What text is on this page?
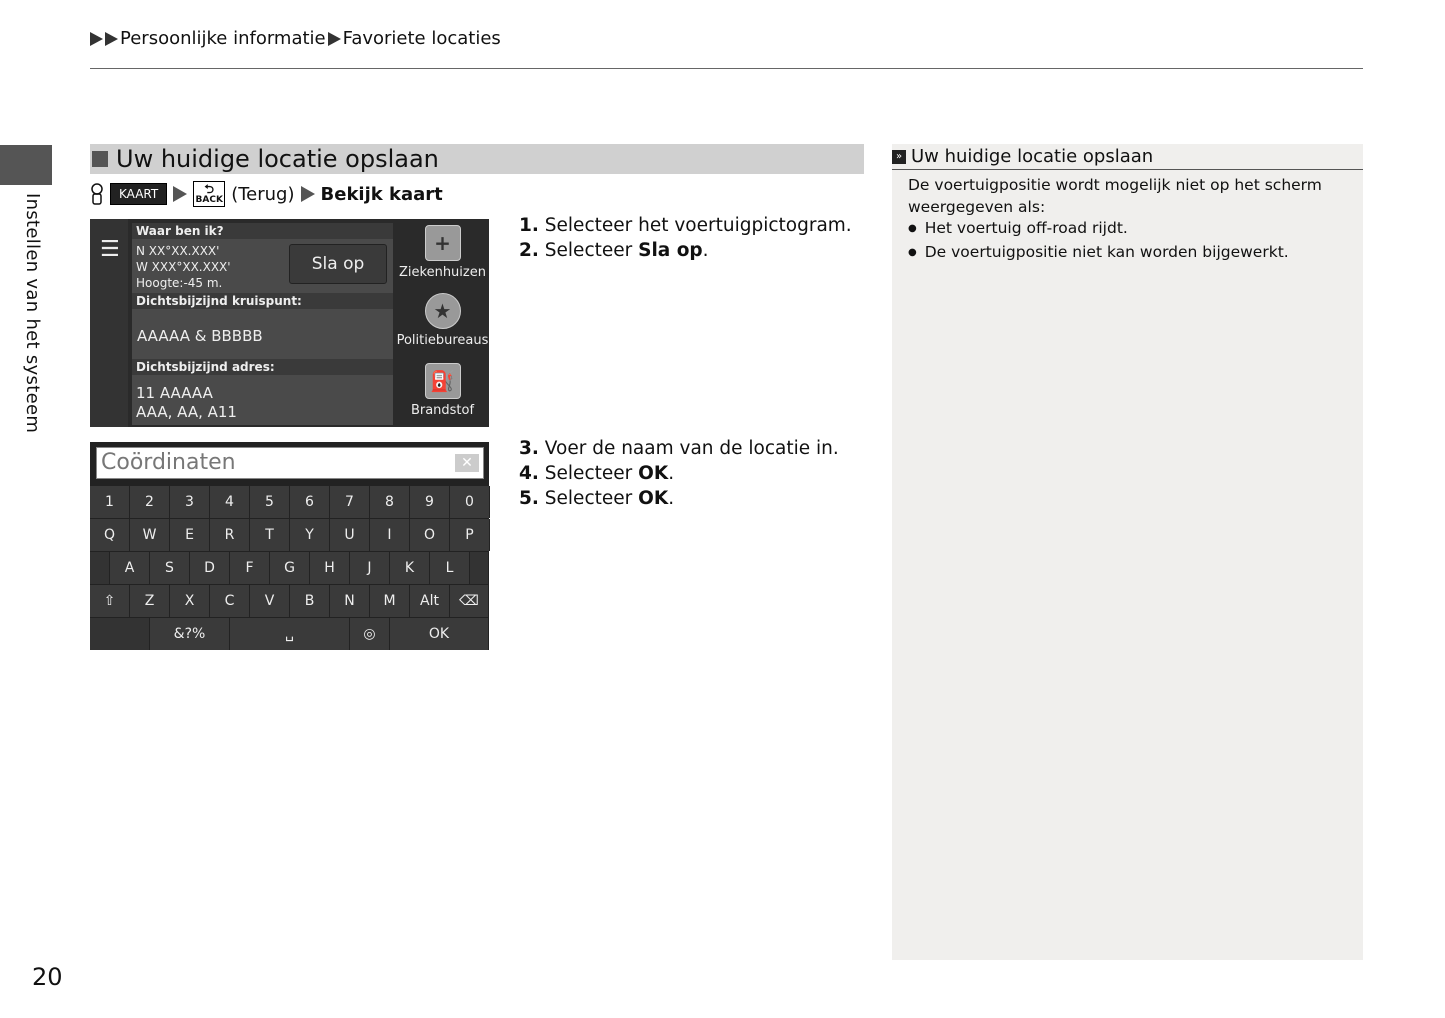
Persoonlijke informatie Favoriete locaties
Instellen van het systeem
20
Uw huidige locatie opslaan
KAART	⮌
BACK (Terug) Bekijk kaart
☰
Waar ben ik?
N XX°XX.XXX'
W XXX°XX.XXX'
Hoogte:-45 m.
Dichtsbijzijnd kruispunt:
AAAAA & BBBBB
Dichtsbijzijnd adres:
11 AAAAA
AAA, AA, A11
Sla op
+
Ziekenhuizen
★
Politiebureaus
⛽
Brandstof
Coördinaten	✕
1	2	3	4	5	6	7	8	9	0
Q	W	E	R	T	Y	U	I	O	P
A	S	D	F	G	H	J	K	L
⇧	Z	X	C	V	B	N	M	Alt	⌫
&?%	␣	◎	OK
1. Selecteer het voertuigpictogram.
2. Selecteer Sla op.
3. Voer de naam van de locatie in.
4. Selecteer OK.
5. Selecteer OK.
» Uw huidige locatie opslaan
De voertuigpositie wordt mogelijk niet op het scherm weergegeven als:
● Het voertuig off-road rijdt.
● De voertuigpositie niet kan worden bijgewerkt.
